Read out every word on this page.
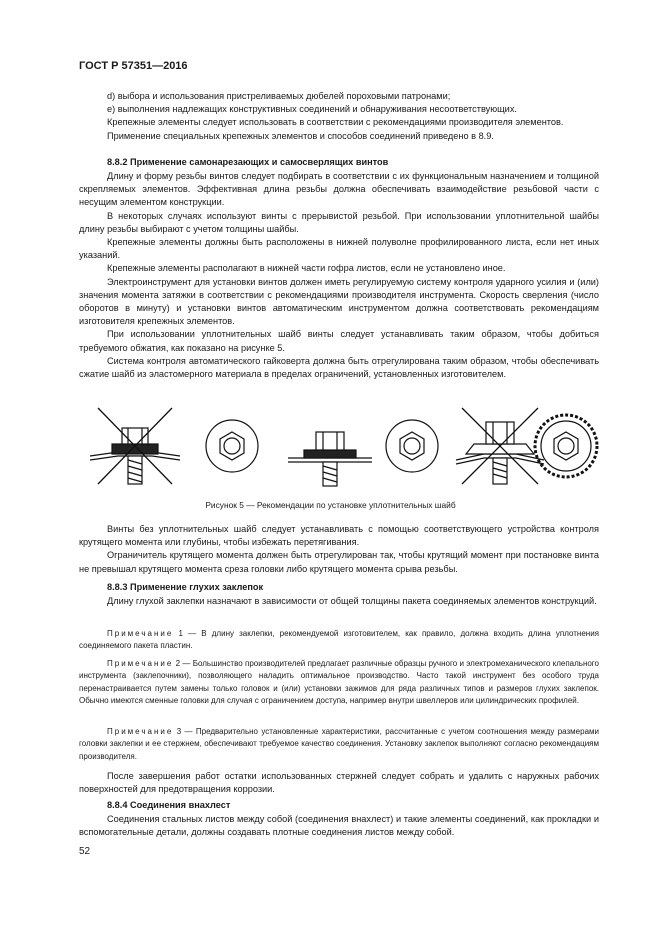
ГОСТ Р 57351—2016
d) выбора и использования пристреливаемых дюбелей пороховыми патронами;
e) выполнения надлежащих конструктивных соединений и обнаруживания несоответствующих.
Крепежные элементы следует использовать в соответствии с рекомендациями производителя элементов.
Применение специальных крепежных элементов и способов соединений приведено в 8.9.
8.8.2 Применение самонарезающих и самосверлящих винтов
Длину и форму резьбы винтов следует подбирать в соответствии с их функциональным назначением и толщиной скрепляемых элементов. Эффективная длина резьбы должна обеспечивать взаимодействие резьбовой части с несущим элементом конструкции.
В некоторых случаях используют винты с прерывистой резьбой. При использовании уплотнительной шайбы длину резьбы выбирают с учетом толщины шайбы.
Крепежные элементы должны быть расположены в нижней полуволне профилированного листа, если нет иных указаний.
Крепежные элементы располагают в нижней части гофра листов, если не установлено иное.
Электроинструмент для установки винтов должен иметь регулируемую систему контроля ударного усилия и (или) значения момента затяжки в соответствии с рекомендациями производителя инструмента. Скорость сверления (число оборотов в минуту) и установки винтов автоматическим инструментом должна соответствовать рекомендациям изготовителя крепежных элементов.
При использовании уплотнительных шайб винты следует устанавливать таким образом, чтобы добиться требуемого обжатия, как показано на рисунке 5.
Система контроля автоматического гайковерта должна быть отрегулирована таким образом, чтобы обеспечивать сжатие шайб из эластомерного материала в пределах ограничений, установленных изготовителем.
Рисунок 5 — Рекомендации по установке уплотнительных шайб
Винты без уплотнительных шайб следует устанавливать с помощью соответствующего устройства контроля крутящего момента или глубины, чтобы избежать перетягивания.
Ограничитель крутящего момента должен быть отрегулирован так, чтобы крутящий момент при постановке винта не превышал крутящего момента среза головки либо крутящего момента срыва резьбы.
8.8.3 Применение глухих заклепок
Длину глухой заклепки назначают в зависимости от общей толщины пакета соединяемых элементов конструкций.
Примечание 1 — В длину заклепки, рекомендуемой изготовителем, как правило, должна входить длина уплотнения соединяемого пакета пластин.
Примечание 2 — Большинство производителей предлагает различные образцы ручного и электромеханического клепального инструмента (заклепочники), позволяющего наладить оптимальное производство. Часто такой инструмент без особого труда перенастраивается путем замены только головок и (или) установки зажимов для ряда различных типов и размеров глухих заклепок. Обычно имеются сменные головки для случая с ограничением доступа, например внутри швеллеров или цилиндрических профилей.
Примечание 3 — Предварительно установленные характеристики, рассчитанные с учетом соотношения между размерами головки заклепки и ее стержнем, обеспечивают требуемое качество соединения. Установку заклепок выполняют согласно рекомендациям производителя.
После завершения работ остатки использованных стержней следует собрать и удалить с наружных рабочих поверхностей для предотвращения коррозии.
8.8.4 Соединения внахлест
Соединения стальных листов между собой (соединения внахлест) и такие элементы соединений, как прокладки и вспомогательные детали, должны создавать плотные соединения листов между собой.
52
